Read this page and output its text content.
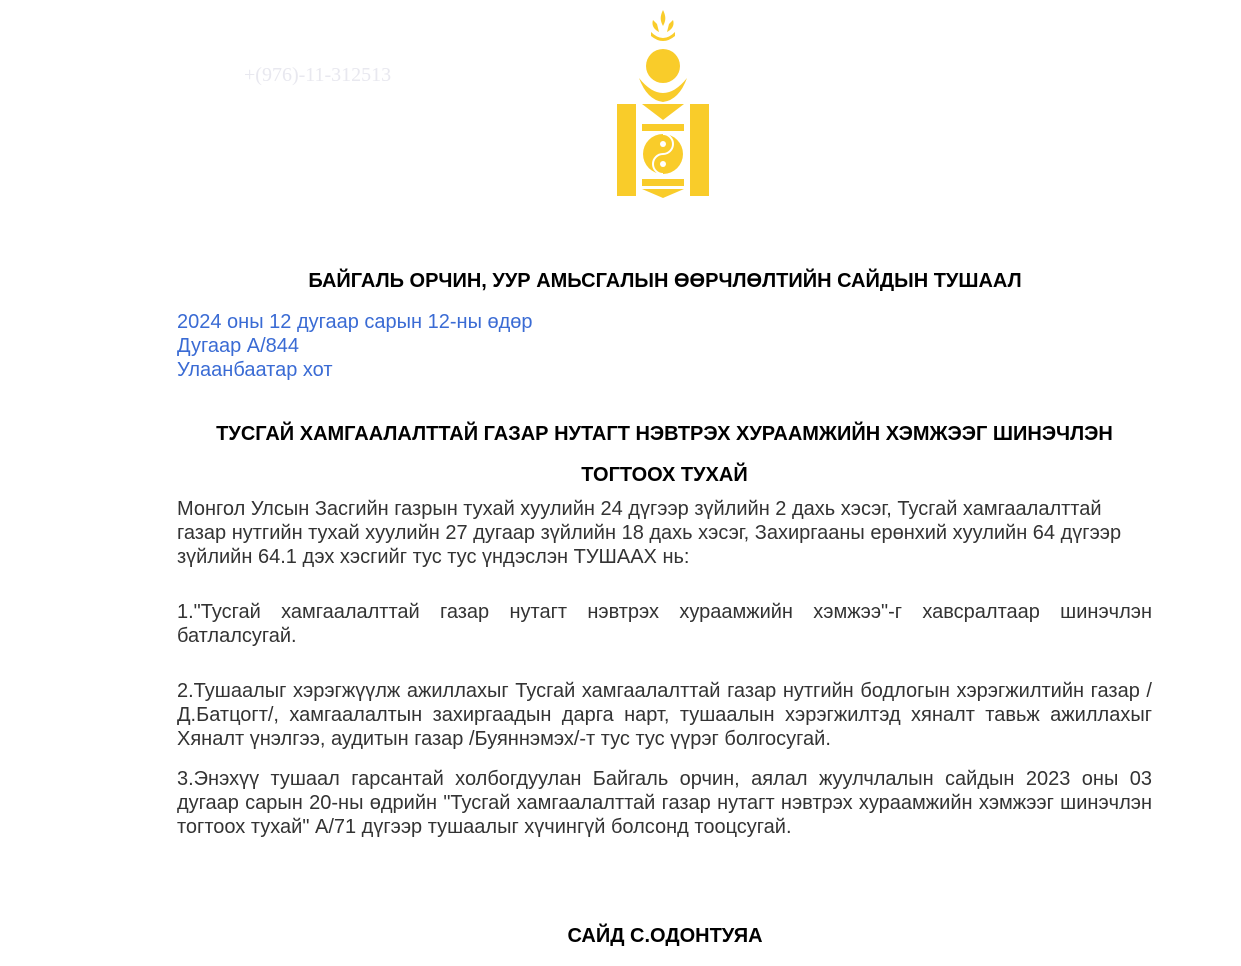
+(976)-11-312513
БАЙГАЛЬ ОРЧИН, УУР АМЬСГАЛЫН ӨӨРЧЛӨЛТИЙН САЙДЫН ТУШААЛ
2024 оны 12 дугаар сарын 12-ны өдөр
Дугаар А/844
Улаанбаатар хот
ТУСГАЙ ХАМГААЛАЛТТАЙ ГАЗАР НУТАГТ НЭВТРЭХ ХУРААМЖИЙН ХЭМЖЭЭГ ШИНЭЧЛЭН
ТОГТООХ ТУХАЙ
Монгол Улсын Засгийн газрын тухай хуулийн 24 дүгээр зүйлийн 2 дахь хэсэг, Тусгай хамгаалалттай газар нутгийн тухай хуулийн 27 дугаар зүйлийн 18 дахь хэсэг, Захиргааны ерөнхий хуулийн 64 дүгээр зүйлийн 64.1 дэх хэсгийг тус тус үндэслэн ТУШААХ нь:
1."Тусгай хамгаалалттай газар нутагт нэвтрэх хураамжийн хэмжээ"-г хавсралтаар шинэчлэн батлалсугай.
2.Тушаалыг хэрэгжүүлж ажиллахыг Тусгай хамгаалалттай газар нутгийн бодлогын хэрэгжилтийн газар /Д.Батцогт/, хамгаалалтын захиргаадын дарга нарт, тушаалын хэрэгжилтэд хяналт тавьж ажиллахыг Хяналт үнэлгээ, аудитын газар /Буяннэмэх/-т тус тус үүрэг болгосугай.
3.Энэхүү тушаал гарсантай холбогдуулан Байгаль орчин, аялал жуулчлалын сайдын 2023 оны 03 дугаар сарын 20-ны өдрийн "Тусгай хамгаалалттай газар нутагт нэвтрэх хураамжийн хэмжээг шинэчлэн тогтоох тухай" А/71 дүгээр тушаалыг хүчингүй болсонд тооцсугай.
САЙД С.ОДОНТУЯА
